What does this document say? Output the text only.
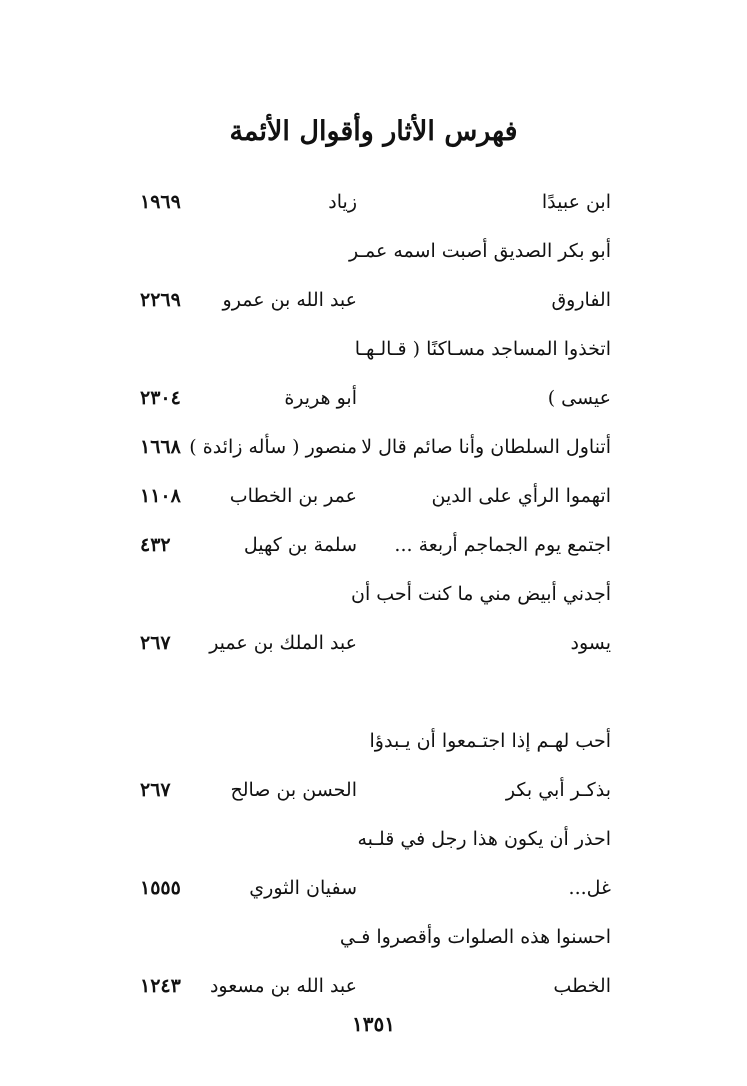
فهرس الأثار وأقوال الأئمة
ابن عبيدًا
زياد
١٩٦٩
أبو بكر الصديق أصبت اسمه عمـر
الفاروق
عبد الله بن عمرو
٢٢٦٩
اتخذوا المساجد مسـاكنًا ( قـالـهـا
عيسى )
أبو هريرة
٢٣٠٤
أتناول السلطان وأنا صائم قال لا
منصور ( سأله زائدة )
١٦٦٨
اتهموا الرأي على الدين
عمر بن الخطاب
١١٠٨
اجتمع يوم الجماجم أربعة ...
سلمة بن كهيل
٤٣٢
أجدني أبيض مني ما كنت أحب أن
يسود
عبد الملك بن عمير
٢٦٧
أحب لهـم إذا اجتـمعوا أن يـبدؤا
بذكـر أبي بكر
الحسن بن صالح
٢٦٧
احذر أن يكون هذا رجل في قلـبه
غل...
سفيان الثوري
١٥٥٥
احسنوا هذه الصلوات وأقصروا فـي
الخطب
عبد الله بن مسعود
١٢٤٣
١٣٥١
